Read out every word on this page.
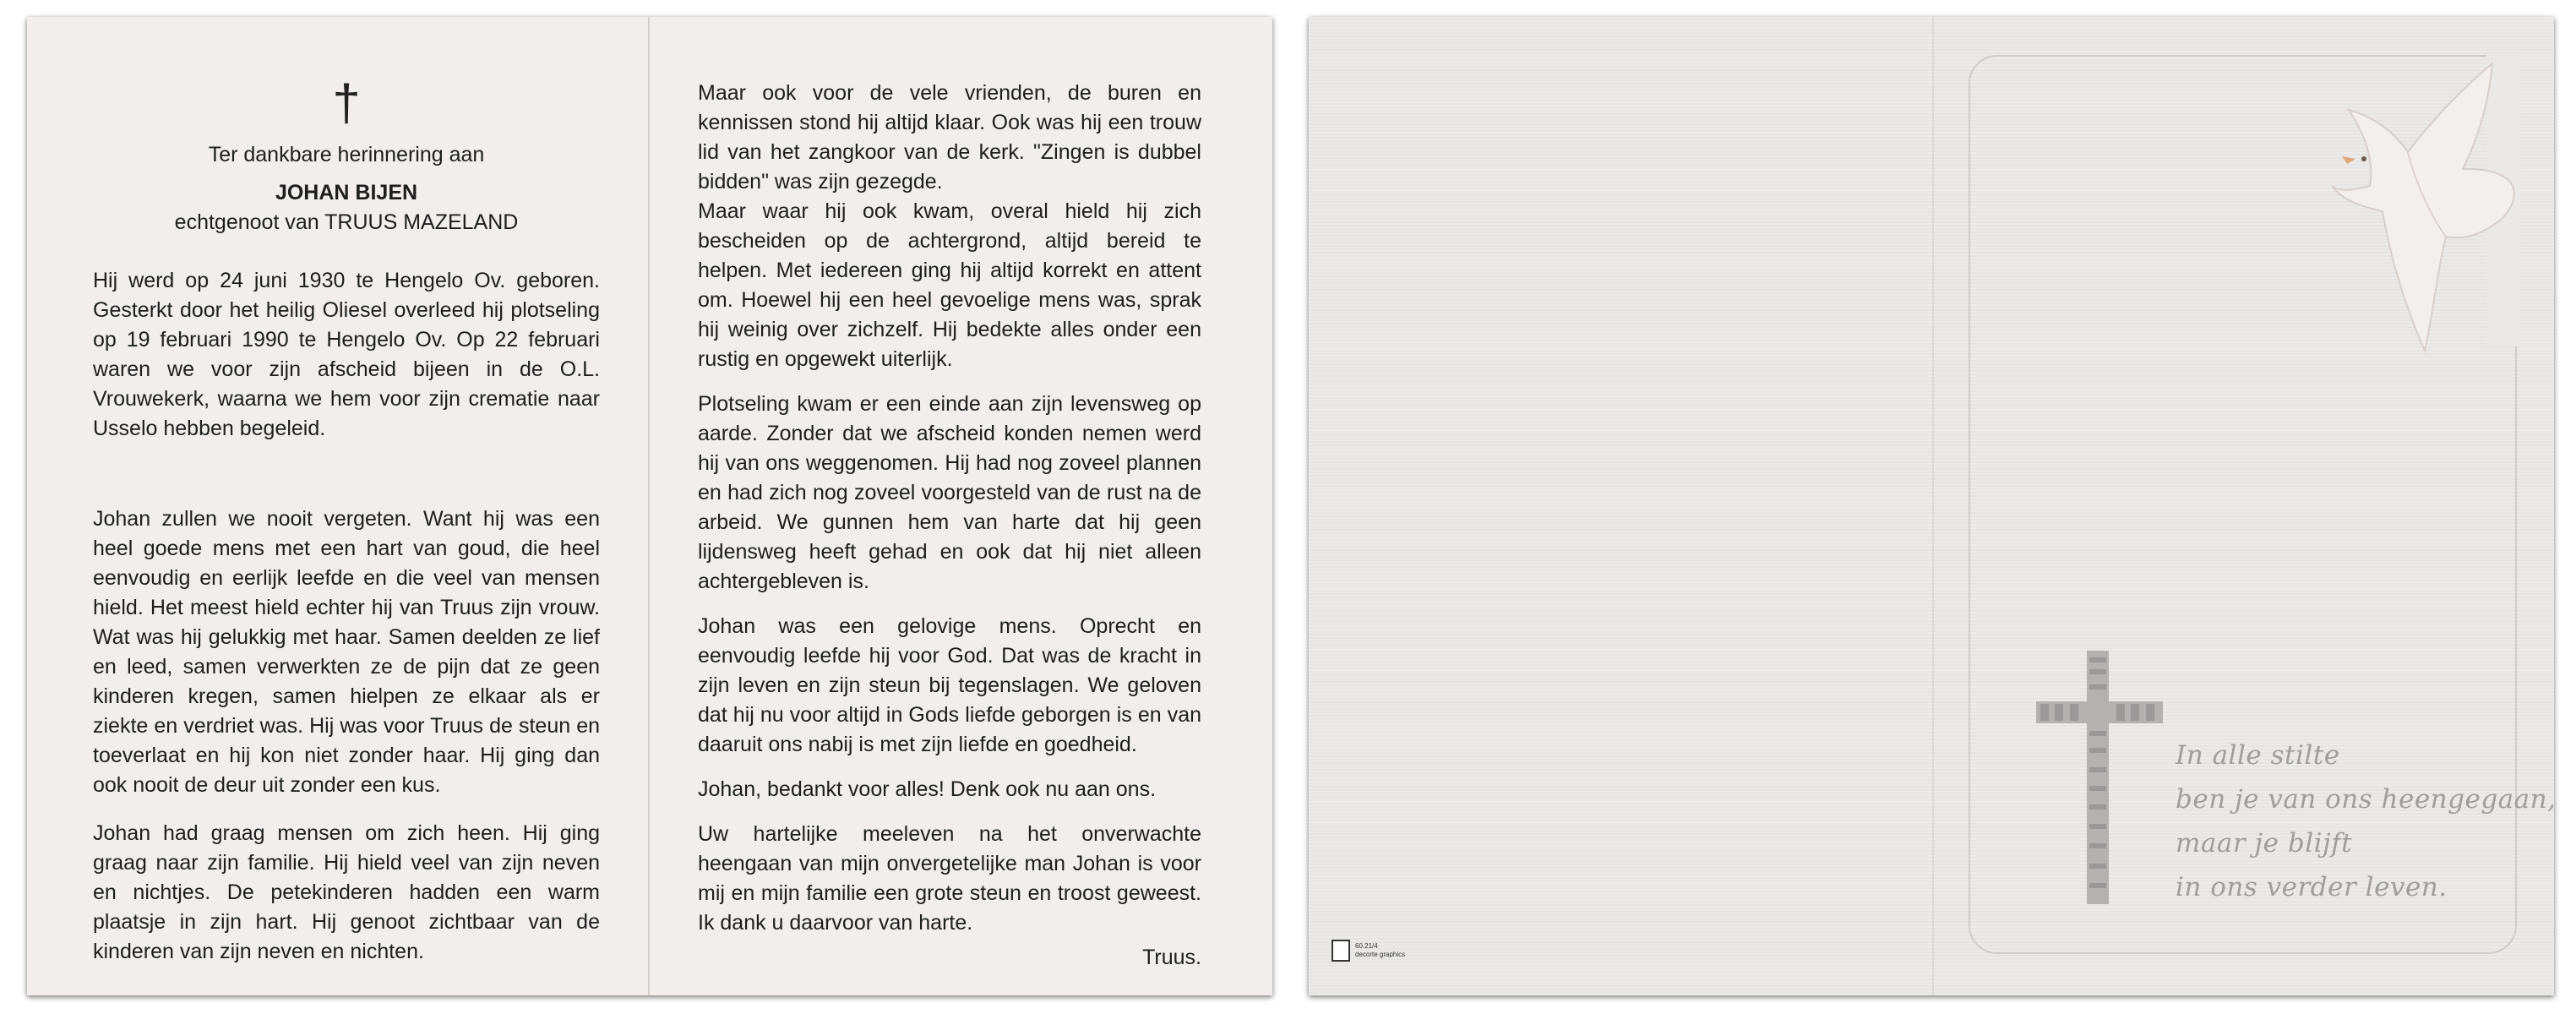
†
Ter dankbare herinnering aan
JOHAN BIJEN
echtgenoot van TRUUS MAZELAND

Hij werd op 24 juni 1930 te Hengelo Ov. geboren. Gesterkt door het heilig Oliesel overleed hij plotseling op 19 februari 1990 te Hengelo Ov. Op 22 februari waren we voor zijn afscheid bijeen in de O.L. Vrouwekerk, waarna we hem voor zijn crematie naar Usselo hebben begeleid.

Johan zullen we nooit vergeten. Want hij was een heel goede mens met een hart van goud, die heel eenvoudig en eerlijk leefde en die veel van mensen hield. Het meest hield echter hij van Truus zijn vrouw. Wat was hij gelukkig met haar. Samen deelden ze lief en leed, samen verwerkten ze de pijn dat ze geen kinderen kregen, samen hielpen ze elkaar als er ziekte en verdriet was. Hij was voor Truus de steun en toeverlaat en hij kon niet zonder haar. Hij ging dan ook nooit de deur uit zonder een kus.

Johan had graag mensen om zich heen. Hij ging graag naar zijn familie. Hij hield veel van zijn neven en nichtjes. De petekinderen hadden een warm plaatsje in zijn hart. Hij genoot zichtbaar van de kinderen van zijn neven en nichten.

Maar ook voor de vele vrienden, de buren en kennissen stond hij altijd klaar. Ook was hij een trouw lid van het zangkoor van de kerk. "Zingen is dubbel bidden" was zijn gezegde.

Maar waar hij ook kwam, overal hield hij zich bescheiden op de achtergrond, altijd bereid te helpen. Met iedereen ging hij altijd korrekt en attent om. Hoewel hij een heel gevoelige mens was, sprak hij weinig over zichzelf. Hij bedekte alles onder een rustig en opgewekt uiterlijk.

Plotseling kwam er een einde aan zijn levensweg op aarde. Zonder dat we afscheid konden nemen werd hij van ons weggenomen. Hij had nog zoveel plannen en had zich nog zoveel voorgesteld van de rust na de arbeid. We gunnen hem van harte dat hij geen lijdensweg heeft gehad en ook dat hij niet alleen achtergebleven is.

Johan was een gelovige mens. Oprecht en eenvoudig leefde hij voor God. Dat was de kracht in zijn leven en zijn steun bij tegenslagen. We geloven dat hij nu voor altijd in Gods liefde geborgen is en van daaruit ons nabij is met zijn liefde en goedheid.

Johan, bedankt voor alles! Denk ook nu aan ons.

Uw hartelijke meeleven na het onverwachte heengaan van mijn onvergetelijke man Johan is voor mij en mijn familie een grote steun en troost geweest. Ik dank u daarvoor van harte.

Truus.
In alle stilte
ben je van ons heengegaan,
maar je blijft
in ons verder leven.
60.21/4
decorte graphics
